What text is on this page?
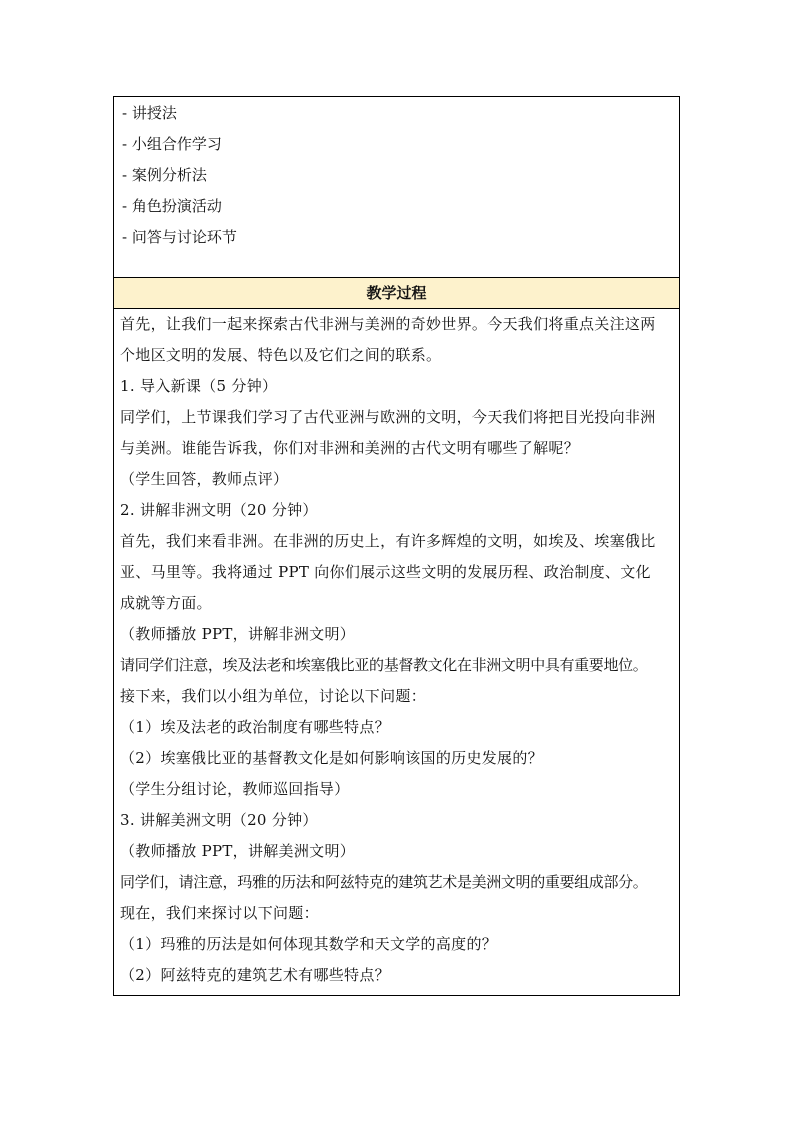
- 讲授法
- 小组合作学习
- 案例分析法
- 角色扮演活动
- 问答与讨论环节
教学过程
首先，让我们一起来探索古代非洲与美洲的奇妙世界。今天我们将重点关注这两
个地区文明的发展、特色以及它们之间的联系。
1. 导入新课（5 分钟）
同学们，上节课我们学习了古代亚洲与欧洲的文明，今天我们将把目光投向非洲
与美洲。谁能告诉我，你们对非洲和美洲的古代文明有哪些了解呢？
（学生回答，教师点评）
2. 讲解非洲文明（20 分钟）
首先，我们来看非洲。在非洲的历史上，有许多辉煌的文明，如埃及、埃塞俄比
亚、马里等。我将通过 PPT 向你们展示这些文明的发展历程、政治制度、文化
成就等方面。
（教师播放 PPT，讲解非洲文明）
请同学们注意，埃及法老和埃塞俄比亚的基督教文化在非洲文明中具有重要地位。
接下来，我们以小组为单位，讨论以下问题：
（1）埃及法老的政治制度有哪些特点？
（2）埃塞俄比亚的基督教文化是如何影响该国的历史发展的？
（学生分组讨论，教师巡回指导）
3. 讲解美洲文明（20 分钟）
（教师播放 PPT，讲解美洲文明）
同学们，请注意，玛雅的历法和阿兹特克的建筑艺术是美洲文明的重要组成部分。
现在，我们来探讨以下问题：
（1）玛雅的历法是如何体现其数学和天文学的高度的？
（2）阿兹特克的建筑艺术有哪些特点？
